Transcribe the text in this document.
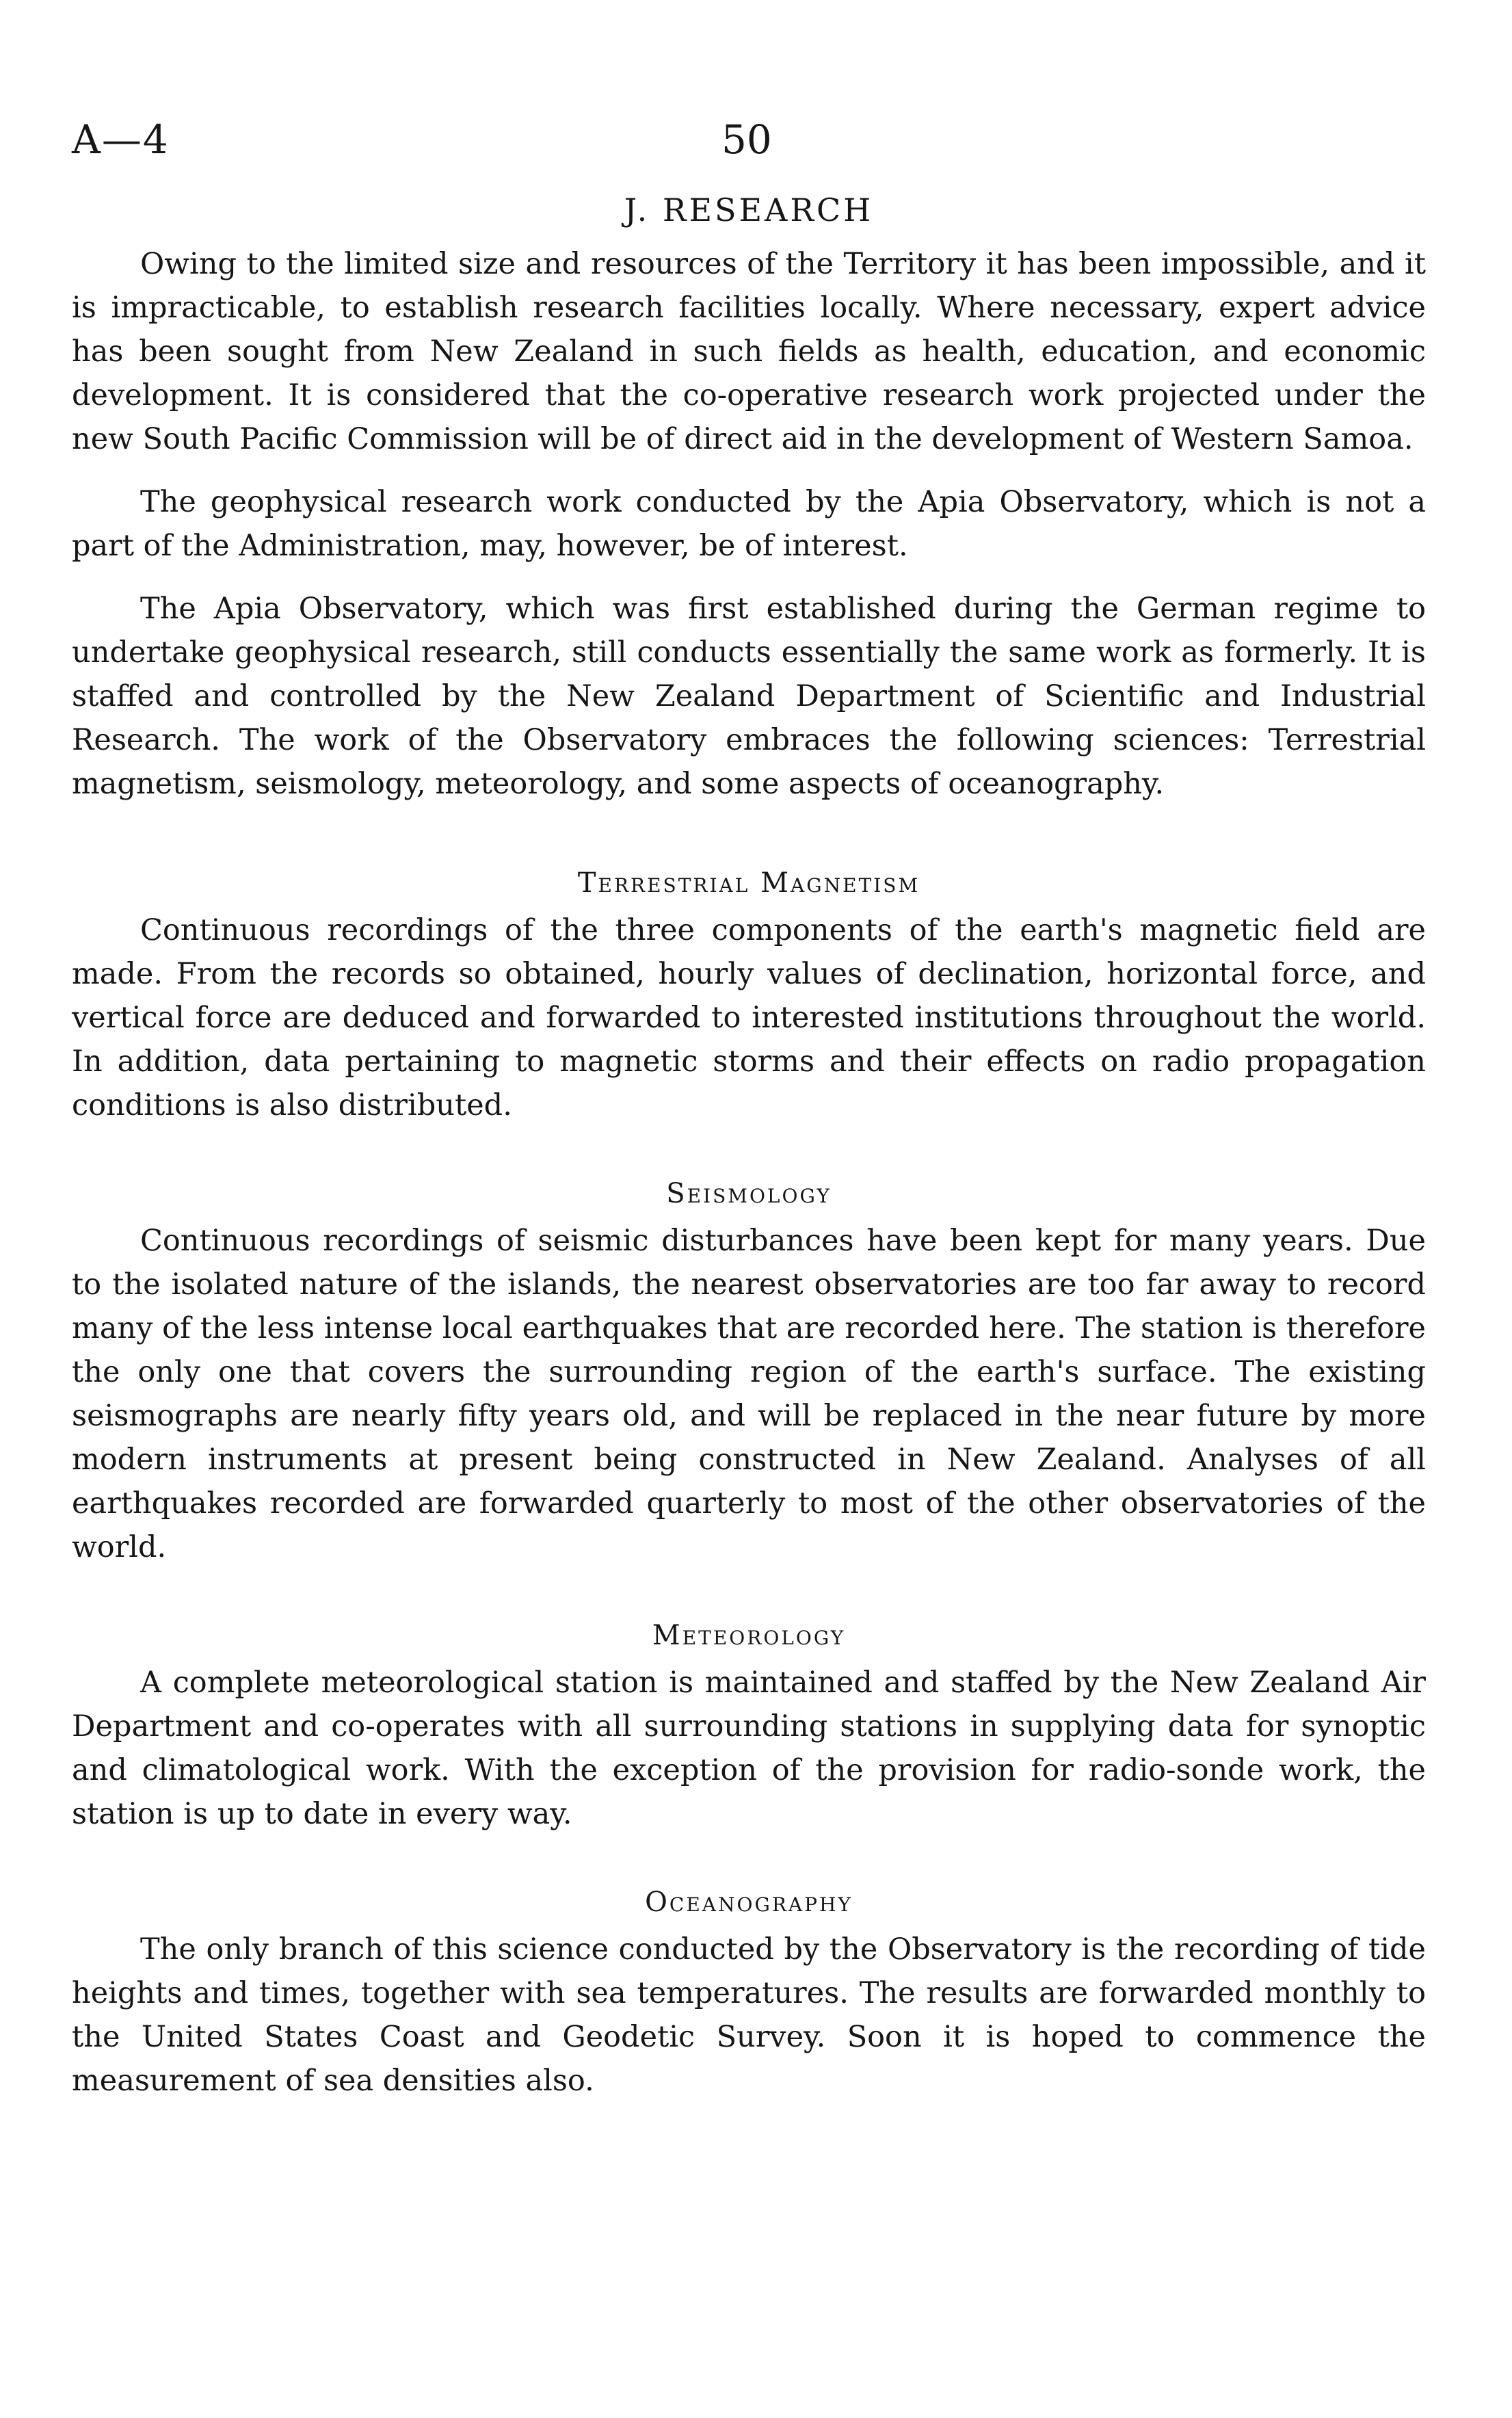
A—4	50
J. RESEARCH

Owing to the limited size and resources of the Territory it has been impossible, and it is impracticable, to establish research facilities locally. Where necessary, expert advice has been sought from New Zealand in such fields as health, education, and economic development. It is considered that the co-operative research work projected under the new South Pacific Commission will be of direct aid in the development of Western Samoa.

The geophysical research work conducted by the Apia Observatory, which is not a part of the Administration, may, however, be of interest.

The Apia Observatory, which was first established during the German regime to undertake geophysical research, still conducts essentially the same work as formerly. It is staffed and controlled by the New Zealand Department of Scientific and Industrial Research. The work of the Observatory embraces the following sciences: Terrestrial magnetism, seismology, meteorology, and some aspects of oceanography.

Terrestrial Magnetism

Continuous recordings of the three components of the earth's magnetic field are made. From the records so obtained, hourly values of declination, horizontal force, and vertical force are deduced and forwarded to interested institutions throughout the world. In addition, data pertaining to magnetic storms and their effects on radio propagation conditions is also distributed.

Seismology

Continuous recordings of seismic disturbances have been kept for many years. Due to the isolated nature of the islands, the nearest observatories are too far away to record many of the less intense local earthquakes that are recorded here. The station is therefore the only one that covers the surrounding region of the earth's surface. The existing seismographs are nearly fifty years old, and will be replaced in the near future by more modern instruments at present being constructed in New Zealand. Analyses of all earthquakes recorded are forwarded quarterly to most of the other observatories of the world.

Meteorology

A complete meteorological station is maintained and staffed by the New Zealand Air Department and co-operates with all surrounding stations in supplying data for synoptic and climatological work. With the exception of the provision for radio-sonde work, the station is up to date in every way.

Oceanography

The only branch of this science conducted by the Observatory is the recording of tide heights and times, together with sea temperatures. The results are forwarded monthly to the United States Coast and Geodetic Survey. Soon it is hoped to commence the measurement of sea densities also.
